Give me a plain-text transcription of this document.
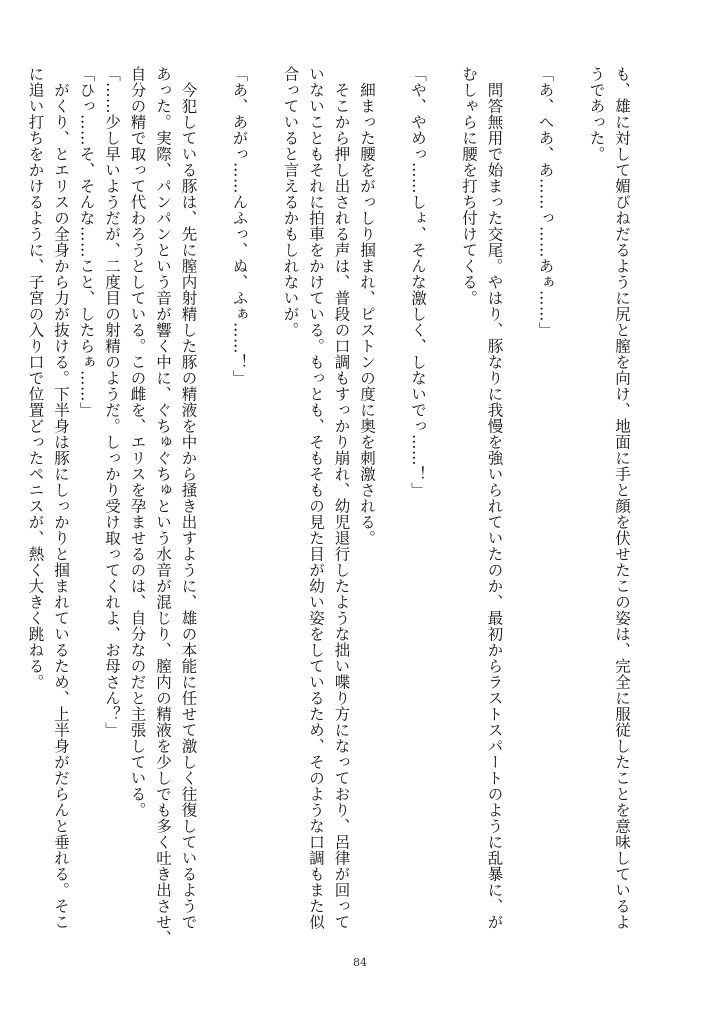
も、雄に対して媚びねだるように尻と膣を向け、地面に手と顔を伏せたこの姿は、完全に服従したことを意味しているよ
うであった。
「あ、へあ、あ……っ……あぁ……」
　問答無用で始まった交尾。やはり、豚なりに我慢を強いられていたのか、最初からラストスパートのように乱暴に、が
むしゃらに腰を打ち付けてくる。
「や、やめっ……しょ、そんな激しく、しないでっ……！」
　細まった腰をがっしり掴まれ、ピストンの度に奥を刺激される。
　そこから押し出される声は、普段の口調もすっかり崩れ、幼児退行したような拙い喋り方になっており、呂律が回って
いないこともそれに拍車をかけている。もっとも、そもそもの見た目が幼い姿をしているため、そのような口調もまた似
合っていると言えるかもしれないが。
「あ、あがっ……んふっ、ぬ、ふぁ……！」
　今犯している豚は、先に膣内射精した豚の精液を中から掻き出すように、雄の本能に任せて激しく往復しているようで
あった。実際、パンパンという音が響く中に、ぐちゅぐちゅという水音が混じり、膣内の精液を少しでも多く吐き出させ、
自分の精で取って代わろうとしている。この雌を、エリスを孕ませるのは、自分なのだと主張している。
「……少し早いようだが、二度目の射精のようだ。しっかり受け取ってくれよ、お母さん？」
「ひっ……そ、そんな……こと、したらぁ……」
　がくり、とエリスの全身から力が抜ける。下半身は豚にしっかりと掴まれているため、上半身がだらんと垂れる。そこ
に追い打ちをかけるように、子宮の入り口で位置どったペニスが、熱く大きく跳ねる。
84
